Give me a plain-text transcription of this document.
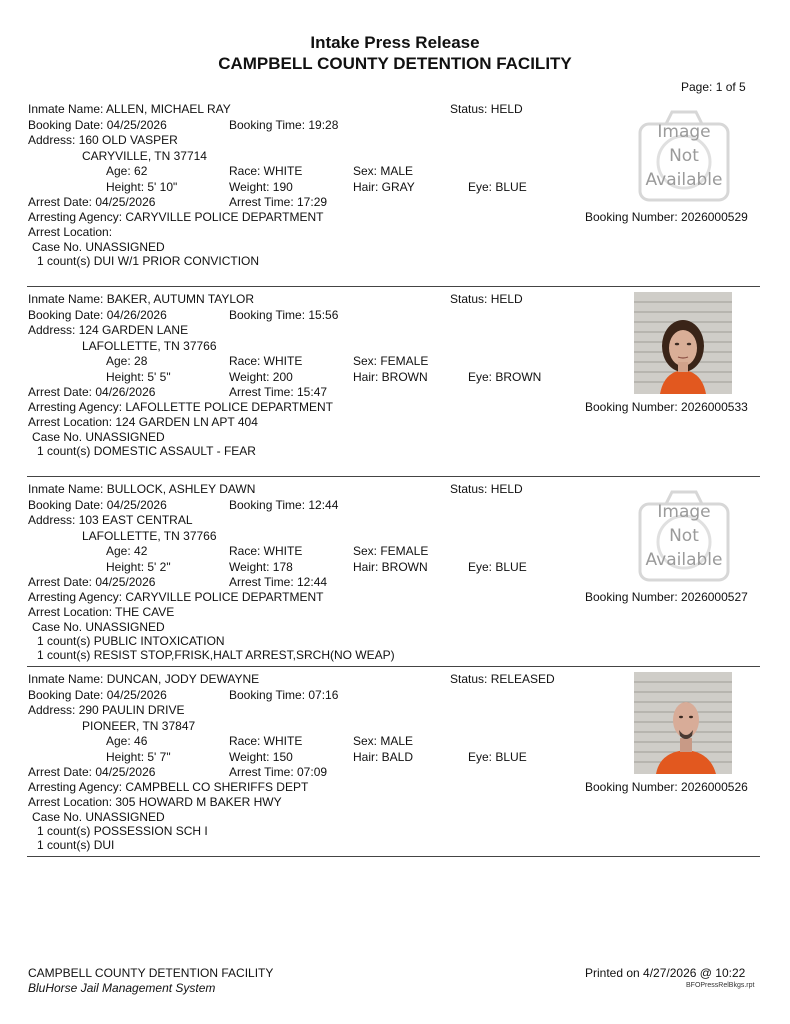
Intake Press Release
CAMPBELL COUNTY DETENTION FACILITY
Page: 1 of 5
Inmate Name: ALLEN, MICHAEL RAY	Status: HELD
Booking Date: 04/25/2026	Booking Time: 19:28
Address: 160 OLD VASPER
CARYVILLE, TN 37714
Age: 62	Race: WHITE	Sex: MALE
Height: 5' 10"	Weight: 190	Hair: GRAY	Eye: BLUE
Arrest Date: 04/25/2026	Arrest Time: 17:29
Arresting Agency: CARYVILLE POLICE DEPARTMENT	Booking Number: 2026000529
Arrest Location:
Case No. UNASSIGNED
1 count(s) DUI W/1 PRIOR CONVICTION
Image
Not
Available
Inmate Name: BAKER, AUTUMN TAYLOR	Status: HELD
Booking Date: 04/26/2026	Booking Time: 15:56
Address: 124 GARDEN LANE
LAFOLLETTE, TN 37766
Age: 28	Race: WHITE	Sex: FEMALE
Height: 5' 5"	Weight: 200	Hair: BROWN	Eye: BROWN
Arrest Date: 04/26/2026	Arrest Time: 15:47
Arresting Agency: LAFOLLETTE POLICE DEPARTMENT	Booking Number: 2026000533
Arrest Location: 124 GARDEN LN APT 404
Case No. UNASSIGNED
1 count(s) DOMESTIC ASSAULT - FEAR
Inmate Name: BULLOCK, ASHLEY DAWN	Status: HELD
Booking Date: 04/25/2026	Booking Time: 12:44
Address: 103 EAST CENTRAL
LAFOLLETTE, TN 37766
Age: 42	Race: WHITE	Sex: FEMALE
Height: 5' 2"	Weight: 178	Hair: BROWN	Eye: BLUE
Arrest Date: 04/25/2026	Arrest Time: 12:44
Arresting Agency: CARYVILLE POLICE DEPARTMENT	Booking Number: 2026000527
Arrest Location: THE CAVE
Case No. UNASSIGNED
1 count(s) PUBLIC INTOXICATION
1 count(s) RESIST STOP,FRISK,HALT ARREST,SRCH(NO WEAP)
Image
Not
Available
Inmate Name: DUNCAN, JODY DEWAYNE	Status: RELEASED
Booking Date: 04/25/2026	Booking Time: 07:16
Address: 290 PAULIN DRIVE
PIONEER, TN 37847
Age: 46	Race: WHITE	Sex: MALE
Height: 5' 7"	Weight: 150	Hair: BALD	Eye: BLUE
Arrest Date: 04/25/2026	Arrest Time: 07:09
Arresting Agency: CAMPBELL CO SHERIFFS DEPT	Booking Number: 2026000526
Arrest Location: 305 HOWARD M BAKER HWY
Case No. UNASSIGNED
1 count(s) POSSESSION SCH I
1 count(s) DUI
CAMPBELL COUNTY DETENTION FACILITY
BluHorse Jail Management System
Printed on 4/27/2026 @ 10:22
BFOPressRelBkgs.rpt
